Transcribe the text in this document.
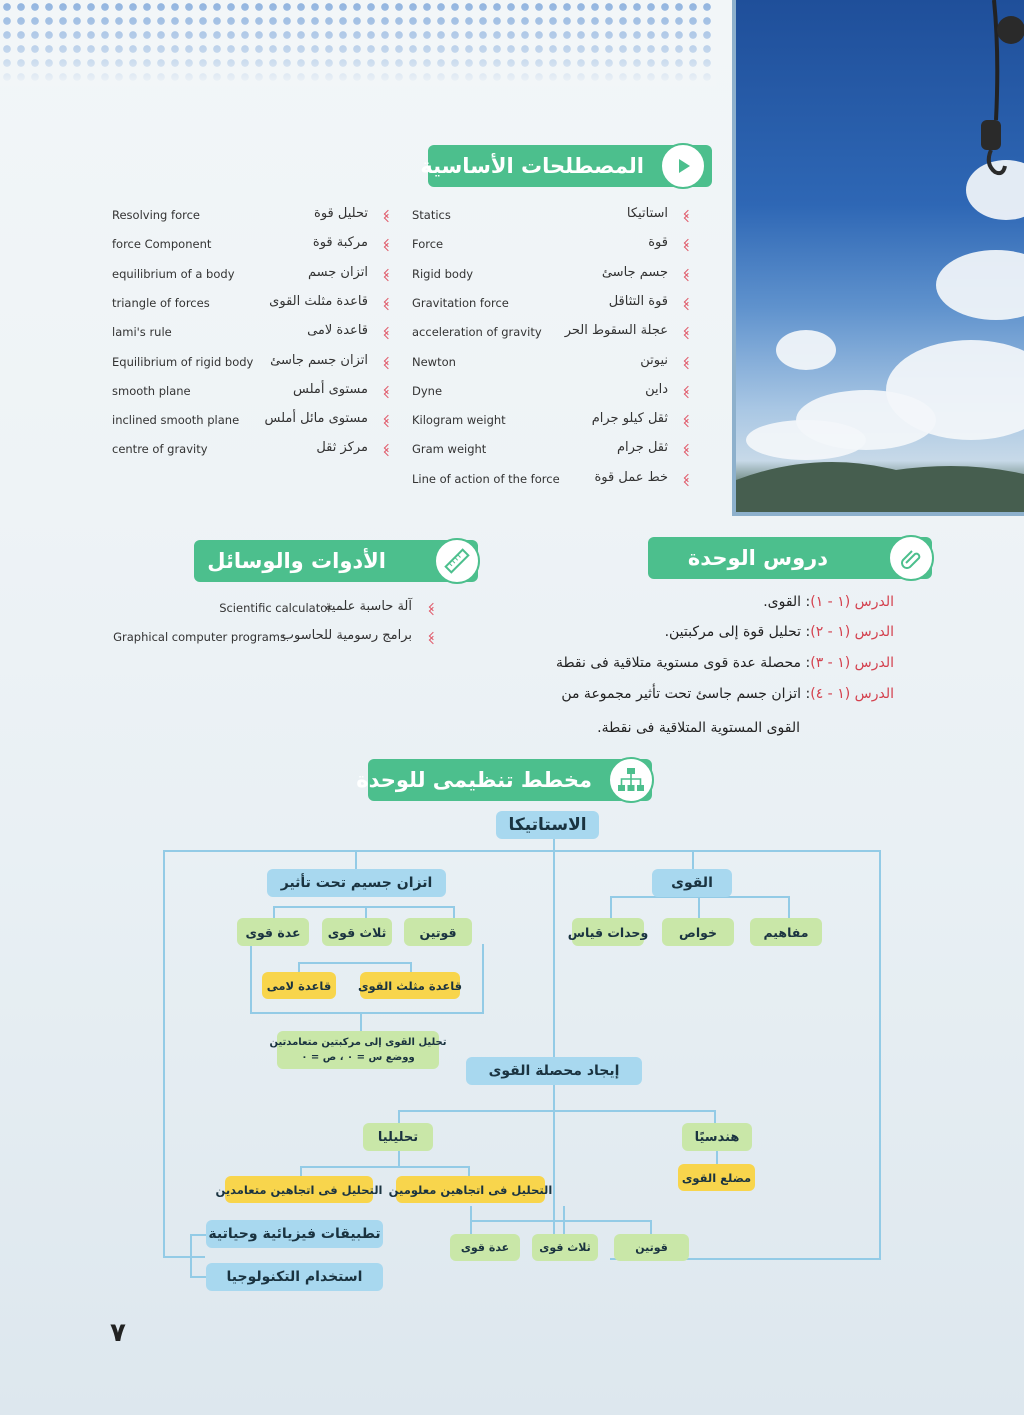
المصطلحات الأساسية
استاتيكا
Statics
قوة
Force
جسم جاسئ
Rigid body
قوة التثاقل
Gravitation force
عجلة السقوط الحر
acceleration of gravity
نيوتن
Newton
داين
Dyne
ثقل كيلو جرام
Kilogram weight
ثقل جرام
Gram weight
خط عمل قوة
Line of action of the force
تحليل قوة
Resolving force
مركبة قوة
force Component
اتزان جسم
equilibrium of a body
قاعدة مثلث القوى
triangle of forces
قاعدة لامى
lami's rule
اتزان جسم جاسئ
Equilibrium of rigid body
مستوى أملس
smooth plane
مستوى مائل أملس
inclined smooth plane
مركز ثقل
centre of gravity
دروس الوحدة
الدرس (١ - ١): القوى.
الدرس (١ - ٢): تحليل قوة إلى مركبتين.
الدرس (١ - ٣): محصلة عدة قوى مستوية متلاقية فى نقطة
الدرس (١ - ٤): اتزان جسم جاسئ تحت تأثير مجموعة من
القوى المستوية المتلاقية فى نقطة.
الأدوات والوسائل
آلة حاسبة علمية
Scientific calculator
برامج رسومية للحاسوب
Graphical computer programs
مخطط تنظيمى للوحدة
الاستاتيكا
القوى
مفاهيم
خواص
وحدات قياس
اتزان جسيم تحت تأثير
قوتين
ثلاث قوى
عدة قوى
قاعدة مثلث القوى
قاعدة لامى
تحليل القوى إلى مركبتين متعامدتين
ووضع س = ٠ ، ص = ٠
إيجاد محصلة القوى
تحليليا	هندسيًا
مضلع القوى
التحليل فى اتجاهين متعامدين التحليل فى اتجاهين معلومين
تطبيقات فيزيائية وحياتية
استخدام التكنولوجيا
قوتين
ثلاث قوى
عدة قوى
٧
